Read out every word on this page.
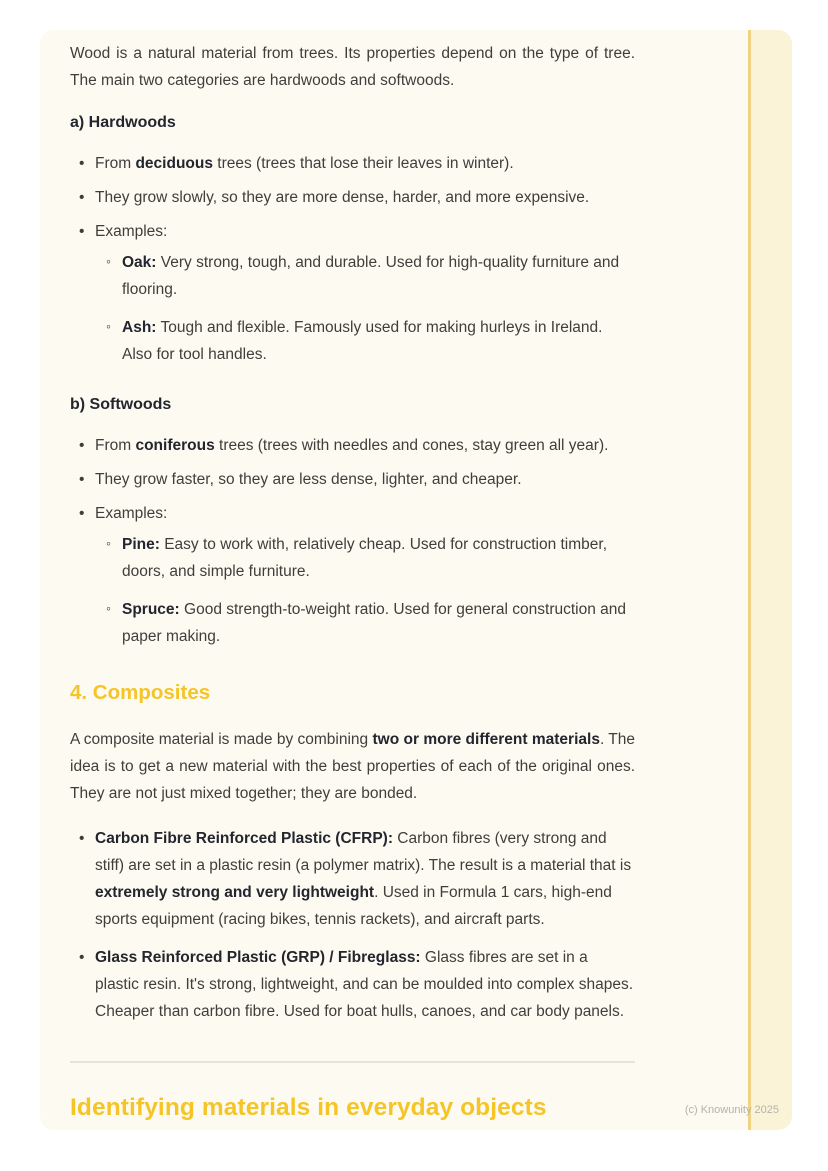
Wood is a natural material from trees. Its properties depend on the type of tree. The main two categories are hardwoods and softwoods.

a) Hardwoods
• From deciduous trees (trees that lose their leaves in winter).
• They grow slowly, so they are more dense, harder, and more expensive.
• Examples:
◦ Oak: Very strong, tough, and durable. Used for high-quality furniture and flooring.
◦ Ash: Tough and flexible. Famously used for making hurleys in Ireland. Also for tool handles.
b) Softwoods
• From coniferous trees (trees with needles and cones, stay green all year).
• They grow faster, so they are less dense, lighter, and cheaper.
• Examples:
◦ Pine: Easy to work with, relatively cheap. Used for construction timber, doors, and simple furniture.
◦ Spruce: Good strength-to-weight ratio. Used for general construction and paper making.
4. Composites

A composite material is made by combining two or more different materials. The idea is to get a new material with the best properties of each of the original ones. They are not just mixed together; they are bonded.

• Carbon Fibre Reinforced Plastic (CFRP): Carbon fibres (very strong and stiff) are set in a plastic resin (a polymer matrix). The result is a material that is extremely strong and very lightweight. Used in Formula 1 cars, high-end sports equipment (racing bikes, tennis rackets), and aircraft parts.
• Glass Reinforced Plastic (GRP) / Fibreglass: Glass fibres are set in a plastic resin. It's strong, lightweight, and can be moulded into complex shapes. Cheaper than carbon fibre. Used for boat hulls, canoes, and car body panels.
Identifying materials in everyday objects	(c) Knowunity 2025
